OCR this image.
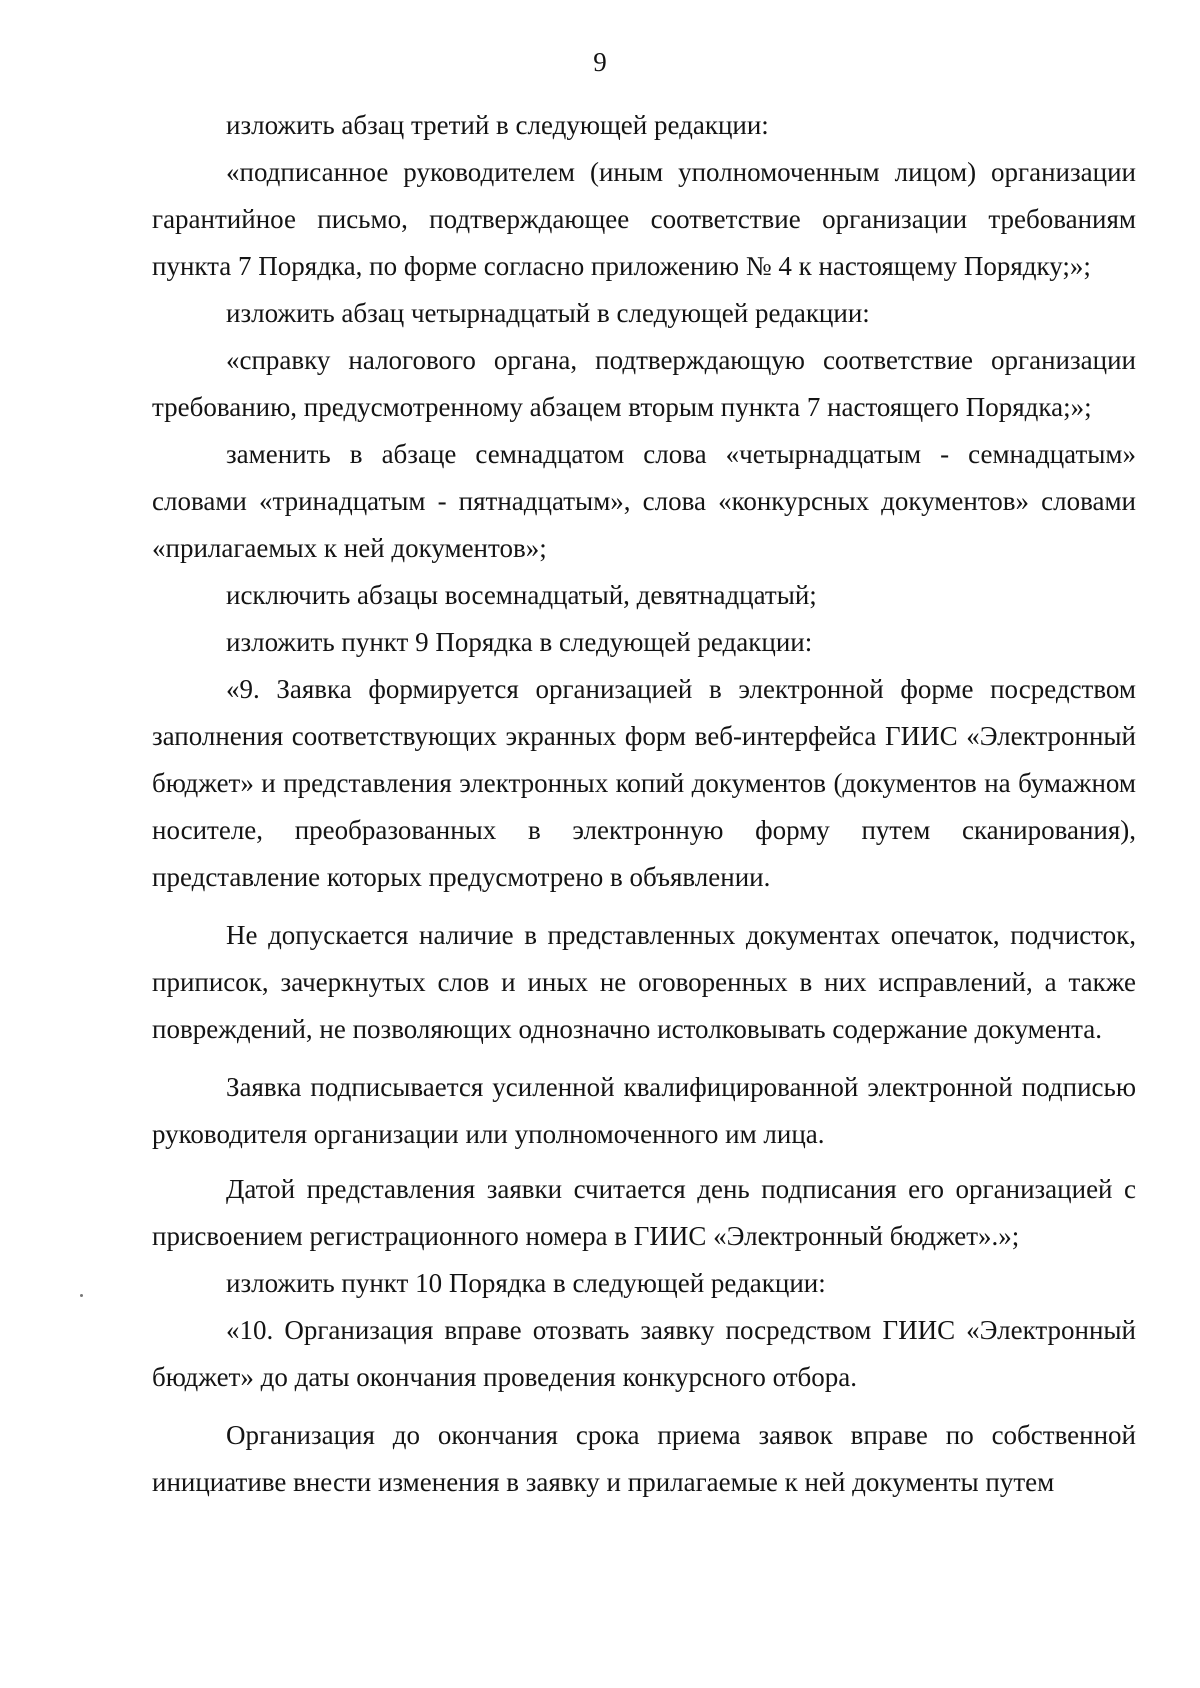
9

изложить абзац третий в следующей редакции:

«подписанное руководителем (иным уполномоченным лицом) организации гарантийное письмо, подтверждающее соответствие организации требованиям пункта 7 Порядка, по форме согласно приложению № 4 к настоящему Порядку;»;

изложить абзац четырнадцатый в следующей редакции:

«справку налогового органа, подтверждающую соответствие организации требованию, предусмотренному абзацем вторым пункта 7 настоящего Порядка;»;

заменить в абзаце семнадцатом слова «четырнадцатым - семнадцатым» словами «тринадцатым - пятнадцатым», слова «конкурсных документов» словами «прилагаемых к ней документов»;

исключить абзацы восемнадцатый, девятнадцатый;

изложить пункт 9 Порядка в следующей редакции:

«9. Заявка формируется организацией в электронной форме посредством заполнения соответствующих экранных форм веб-интерфейса ГИИС «Электронный бюджет» и представления электронных копий документов (документов на бумажном носителе, преобразованных в электронную форму путем сканирования), представление которых предусмотрено в объявлении.

Не допускается наличие в представленных документах опечаток, подчисток, приписок, зачеркнутых слов и иных не оговоренных в них исправлений, а также повреждений, не позволяющих однозначно истолковывать содержание документа.

Заявка подписывается усиленной квалифицированной электронной подписью руководителя организации или уполномоченного им лица.

Датой представления заявки считается день подписания его организацией с присвоением регистрационного номера в ГИИС «Электронный бюджет».»;

изложить пункт 10 Порядка в следующей редакции:

«10. Организация вправе отозвать заявку посредством ГИИС «Электронный бюджет» до даты окончания проведения конкурсного отбора.

Организация до окончания срока приема заявок вправе по собственной инициативе внести изменения в заявку и прилагаемые к ней документы путем
